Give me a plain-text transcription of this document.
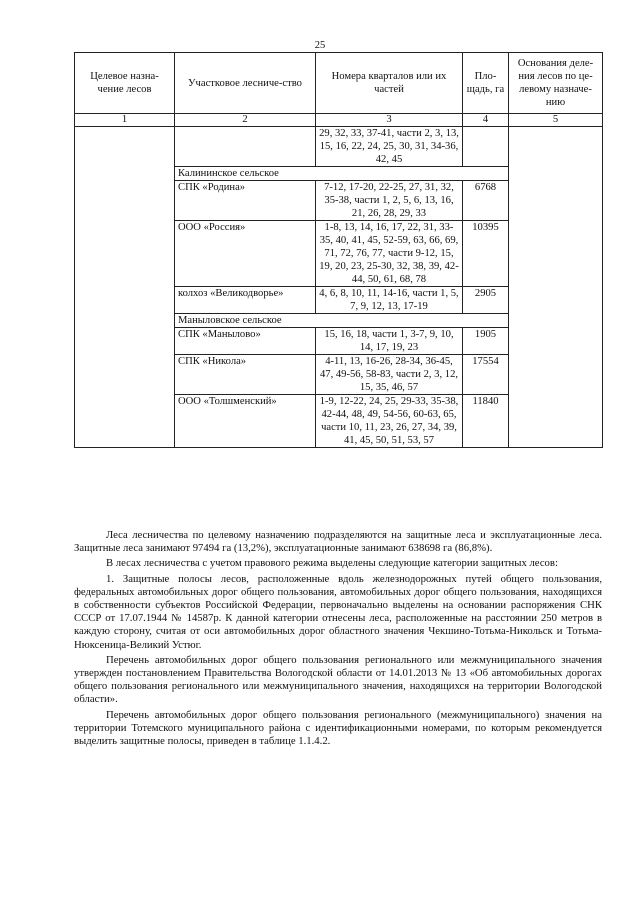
25
Целевое назна-чение лесов	Участковое лесниче-ство	Номера кварталов или их частей	Пло-щадь, га	Основания деле-ния лесов по це-левому назначе-нию
1	2	3	4	5
		29, 32, 33, 37-41, части 2, 3, 13, 15, 16, 22, 24, 25, 30, 31, 34-36, 42, 45		
	Калининское сельское			
	СПК «Родина»	7-12, 17-20, 22-25, 27, 31, 32, 35-38, части 1, 2, 5, 6, 13, 16, 21, 26, 28, 29, 33	6768	
	ООО «Россия»	1-8, 13, 14, 16, 17, 22, 31, 33-35, 40, 41, 45, 52-59, 63, 66, 69, 71, 72, 76, 77, части 9-12, 15, 19, 20, 23, 25-30, 32, 38, 39, 42-44, 50, 61, 68, 78	10395	
	колхоз «Великодворье»	4, 6, 8, 10, 11, 14-16, части 1, 5, 7, 9, 12, 13, 17-19	2905	
	Маныловское сельское			
	СПК «Манылово»	15, 16, 18, части 1, 3-7, 9, 10, 14, 17, 19, 23	1905	
	СПК «Никола»	4-11, 13, 16-26, 28-34, 36-45, 47, 49-56, 58-83, части 2, 3, 12, 15, 35, 46, 57	17554	
	ООО «Толшменский»	1-9, 12-22, 24, 25, 29-33, 35-38, 42-44, 48, 49, 54-56, 60-63, 65, части 10, 11, 23, 26, 27, 34, 39, 41, 45, 50, 51, 53, 57	11840	

Леса лесничества по целевому назначению подразделяются на защитные леса и эксплуатационные леса. Защитные леса занимают 97494 га (13,2%), эксплуатационные занимают 638698 га (86,8%).

В лесах лесничества с учетом правового режима выделены следующие категории защитных лесов:

1. Защитные полосы лесов, расположенные вдоль железнодорожных путей общего пользования, федеральных автомобильных дорог общего пользования, автомобильных дорог общего пользования, находящихся в собственности субъектов Российской Федерации, первоначально выделены на основании распоряжения СНК СССР от 17.07.1944 № 14587р. К данной категории отнесены леса, расположенные на расстоянии 250 метров в каждую сторону, считая от оси автомобильных дорог областного значения Чекшино-Тотьма-Никольск и Тотьма-Нюксеница-Великий Устюг.

Перечень автомобильных дорог общего пользования регионального или межмуниципального значения утвержден постановлением Правительства Вологодской области от 14.01.2013 № 13 «Об автомобильных дорогах общего пользования регионального или межмуниципального значения, находящихся на территории Вологодской области».

Перечень автомобильных дорог общего пользования регионального (межмуниципального) значения на территории Тотемского муниципального района с идентификационными номерами, по которым рекомендуется выделить защитные полосы, приведен в таблице 1.1.4.2.
